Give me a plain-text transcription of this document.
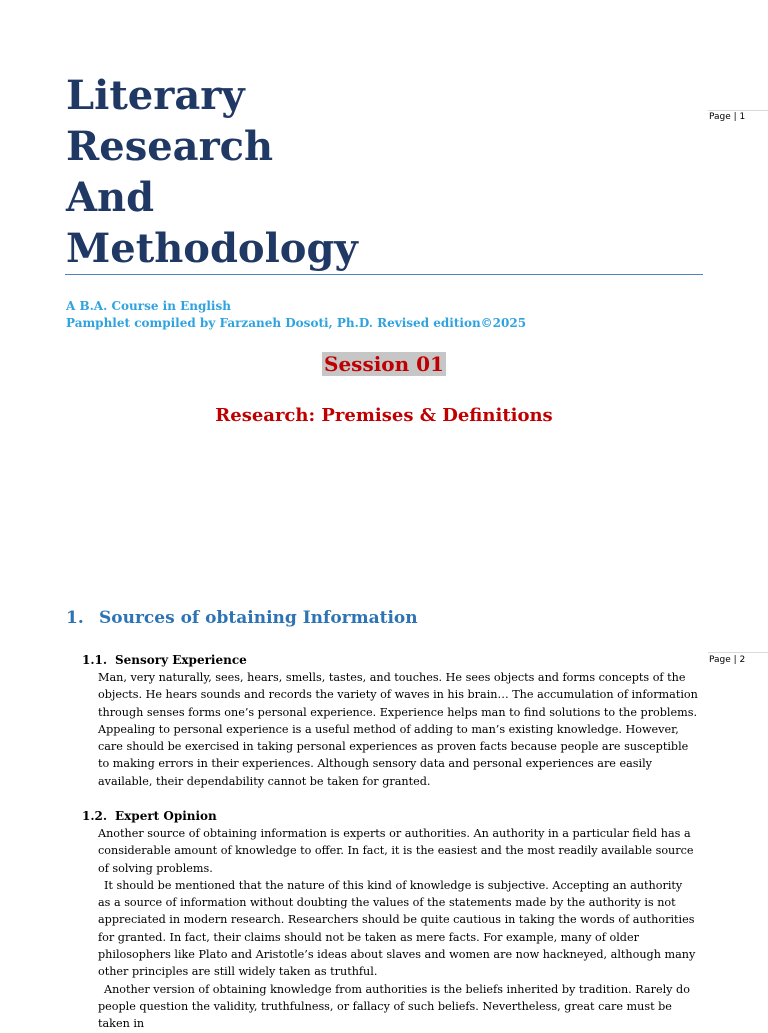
Literary
Research
And
Methodology
Page | 1
A B.A. Course in English
Pamphlet compiled by Farzaneh Dosoti, Ph.D. Revised edition©2025
Session 01
Research: Premises & Definitions
1. Sources of obtaining Information
Page | 2
1.1. Sensory Experience

Man, very naturally, sees, hears, smells, tastes, and touches. He sees objects and forms concepts of the objects. He hears sounds and records the variety of waves in his brain… The accumulation of information through senses forms one’s personal experience. Experience helps man to find solutions to the problems. Appealing to personal experience is a useful method of adding to man’s existing knowledge. However, care should be exercised in taking personal experiences as proven facts because people are susceptible to making errors in their experiences. Although sensory data and personal experiences are easily available, their dependability cannot be taken for granted.

1.2. Expert Opinion

Another source of obtaining information is experts or authorities. An authority in a particular field has a considerable amount of knowledge to offer. In fact, it is the easiest and the most readily available source of solving problems.

It should be mentioned that the nature of this kind of knowledge is subjective. Accepting an authority as a source of information without doubting the values of the statements made by the authority is not appreciated in modern research. Researchers should be quite cautious in taking the words of authorities for granted. In fact, their claims should not be taken as mere facts. For example, many of older philosophers like Plato and Aristotle’s ideas about slaves and women are now hackneyed, although many other principles are still widely taken as truthful.

Another version of obtaining knowledge from authorities is the beliefs inherited by tradition. Rarely do people question the validity, truthfulness, or fallacy of such beliefs. Nevertheless, great care must be taken in
